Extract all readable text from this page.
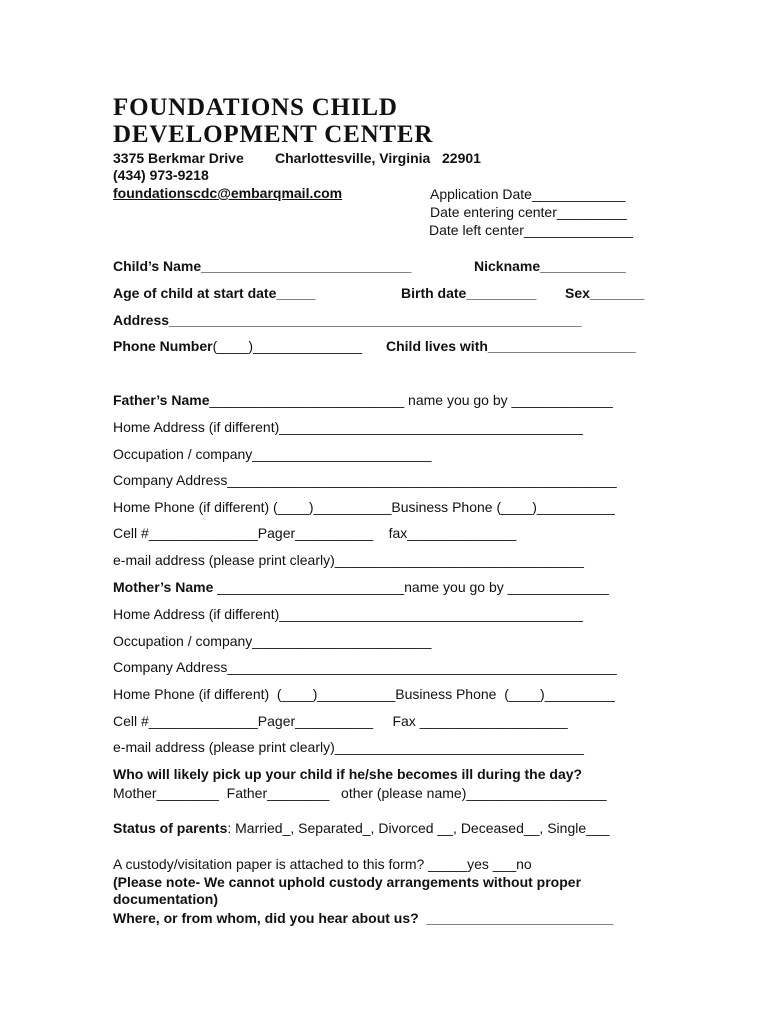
FOUNDATIONS CHILD
DEVELOPMENT CENTER
3375 Berkmar Drive Charlottesville, Virginia   22901
(434) 973-9218
foundationscdc@embarqmail.com	Application Date____________
Date entering center_________
Date left center______________
Child’s Name___________________________	Nickname___________
Age of child at start date_____	Birth date_________ Sex_______
Address_____________________________________________________
Phone Number(____)______________ Child lives with___________________
Father’s Name_________________________ name you go by _____________
Home Address (if different)_______________________________________
Occupation / company_______________________
Company Address__________________________________________________
Home Phone (if different) (____)__________Business Phone (____)__________
Cell #______________Pager__________    fax______________
e-mail address (please print clearly)________________________________
Mother’s Name ________________________name you go by _____________
Home Address (if different)_______________________________________
Occupation / company_______________________
Company Address__________________________________________________
Home Phone (if different)  (____)__________Business Phone  (____)_________
Cell #______________Pager__________     Fax ___________________
e-mail address (please print clearly)________________________________
Who will likely pick up your child if he/she becomes ill during the day?
Mother________  Father________   other (please name)__________________
Status of parents: Married_, Separated_, Divorced __, Deceased__, Single___
A custody/visitation paper is attached to this form? _____yes ___no
(Please note- We cannot uphold custody arrangements without proper
documentation)
Where, or from whom, did you hear about us?  ________________________
